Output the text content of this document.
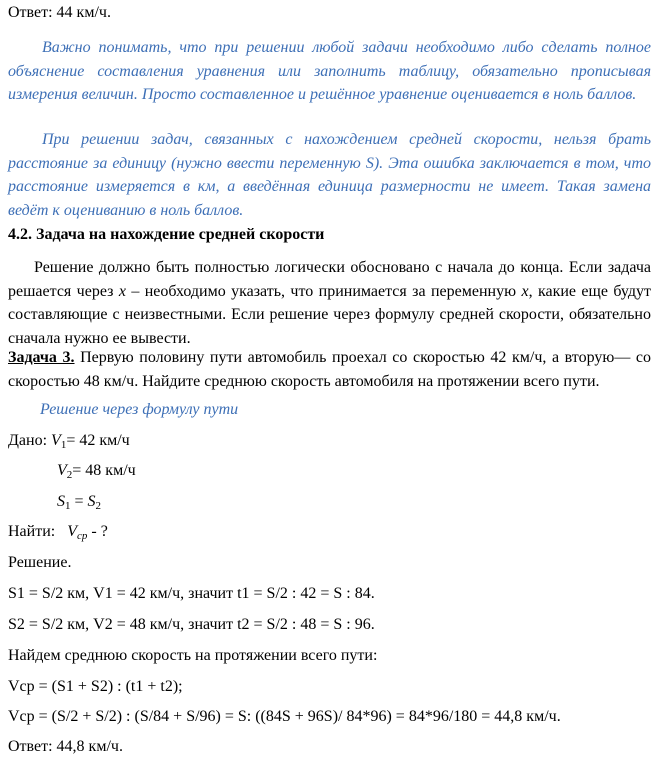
Ответ: 44 км/ч.
Важно понимать, что при решении любой задачи необходимо либо сделать полное объяснение составления уравнения или заполнить таблицу, обязательно прописывая измерения величин. Просто составленное и решённое уравнение оценивается в ноль баллов.
При решении задач, связанных с нахождением средней скорости, нельзя брать расстояние за единицу (нужно ввести переменную S). Эта ошибка заключается в том, что расстояние измеряется в км, а введённая единица размерности не имеет. Такая замена ведёт к оцениванию в ноль баллов.
4.2. Задача на нахождение средней скорости
Решение должно быть полностью логически обосновано с начала до конца. Если задача решается через x – необходимо указать, что принимается за переменную x, какие еще будут составляющие с неизвестными. Если решение через формулу средней скорости, обязательно сначала нужно ее вывести.
Задача 3. Первую половину пути автомобиль проехал со скоростью 42 км/ч, а вторую— со скоростью 48 км/ч. Найдите среднюю скорость автомобиля на протяжении всего пути.
Решение через формулу пути
Дано: $V_1= 42$ км/ч
$V_2= 48$ км/ч
$S_1 = S_2$
Найти:   $V_{ср}$ - ?
Решение.
S1 = S/2 км, V1 = 42 км/ч, значит t1 = S/2 : 42 = S : 84.
S2 = S/2 км, V2 = 48 км/ч, значит t2 = S/2 : 48 = S : 96.
Найдем среднюю скорость на протяжении всего пути:
Vср = (S1 + S2) : (t1 + t2);
Vср = (S/2 + S/2) : (S/84 + S/96) = S: ((84S + 96S)/ 84*96) = 84*96/180 = 44,8 км/ч.
Ответ: 44,8 км/ч.
